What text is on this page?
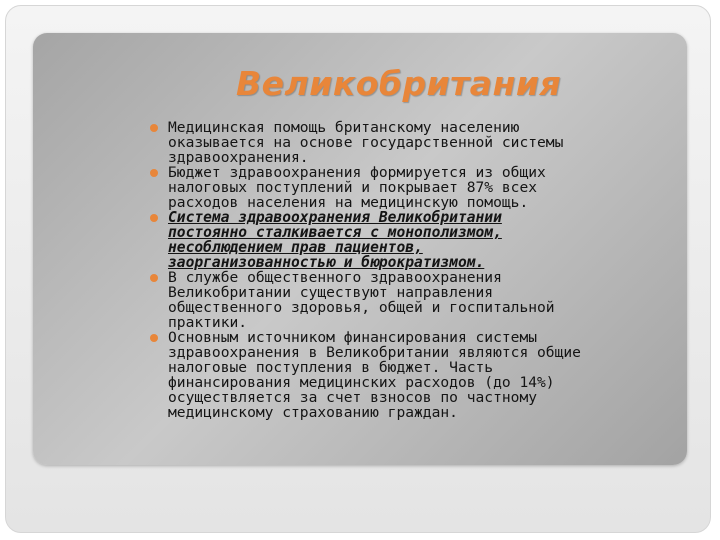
Великобритания
Медицинская помощь британскому населению
оказывается на основе государственной системы
здравоохранения.
Бюджет здравоохранения формируется из общих
налоговых поступлений и покрывает 87% всех
расходов населения на медицинскую помощь.
Система здравоохранения Великобритании
постоянно сталкивается с монополизмом,
несоблюдением прав пациентов,
заорганизованностью и бюрократизмом.
В службе общественного здравоохранения
Великобритании существуют направления
общественного здоровья, общей и госпитальной
практики.
Основным источником финансирования системы
здравоохранения в Великобритании являются общие
налоговые поступления в бюджет. Часть
финансирования медицинских расходов (до 14%)
осуществляется за счет взносов по частному
медицинскому страхованию граждан.
